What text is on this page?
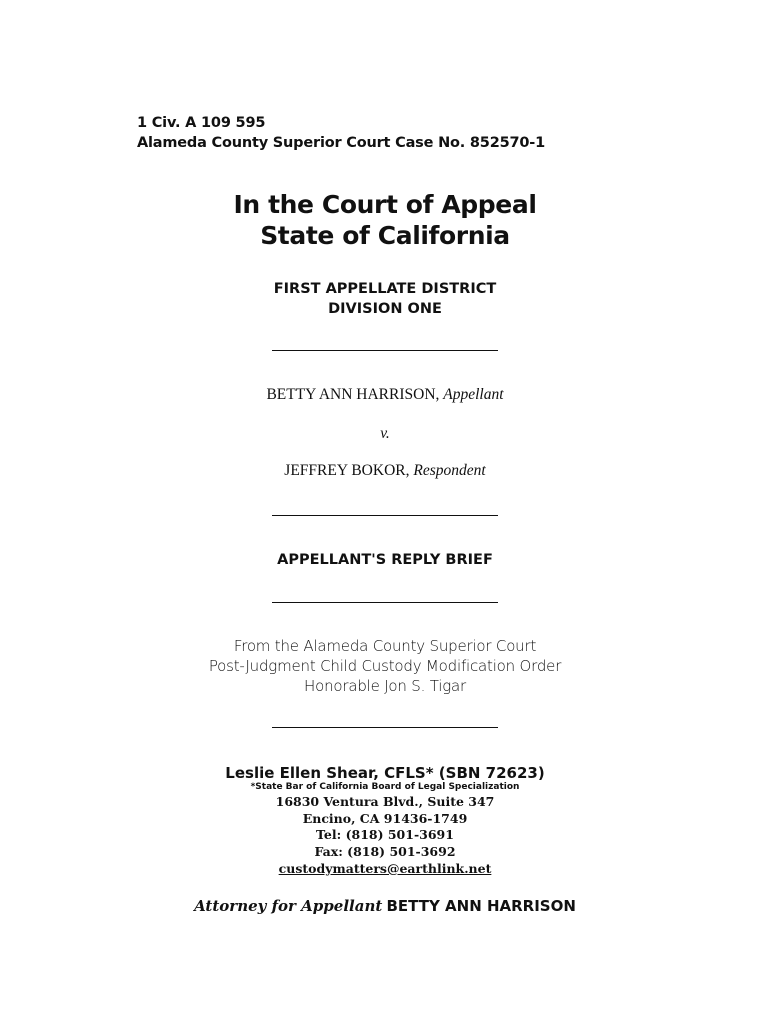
1 Civ. A 109 595
Alameda County Superior Court Case No. 852570-1
In the Court of Appeal
State of California
FIRST APPELLATE DISTRICT
DIVISION ONE
BETTY ANN HARRISON, Appellant
v.
JEFFREY BOKOR, Respondent
APPELLANT'S REPLY BRIEF
From the Alameda County Superior Court
Post-Judgment Child Custody Modification Order
Honorable Jon S. Tigar
Leslie Ellen Shear, CFLS* (SBN 72623)
*State Bar of California Board of Legal Specialization
16830 Ventura Blvd., Suite 347
Encino, CA 91436-1749
Tel: (818) 501-3691
Fax: (818) 501-3692
custodymatters@earthlink.net
Attorney for Appellant BETTY ANN HARRISON
